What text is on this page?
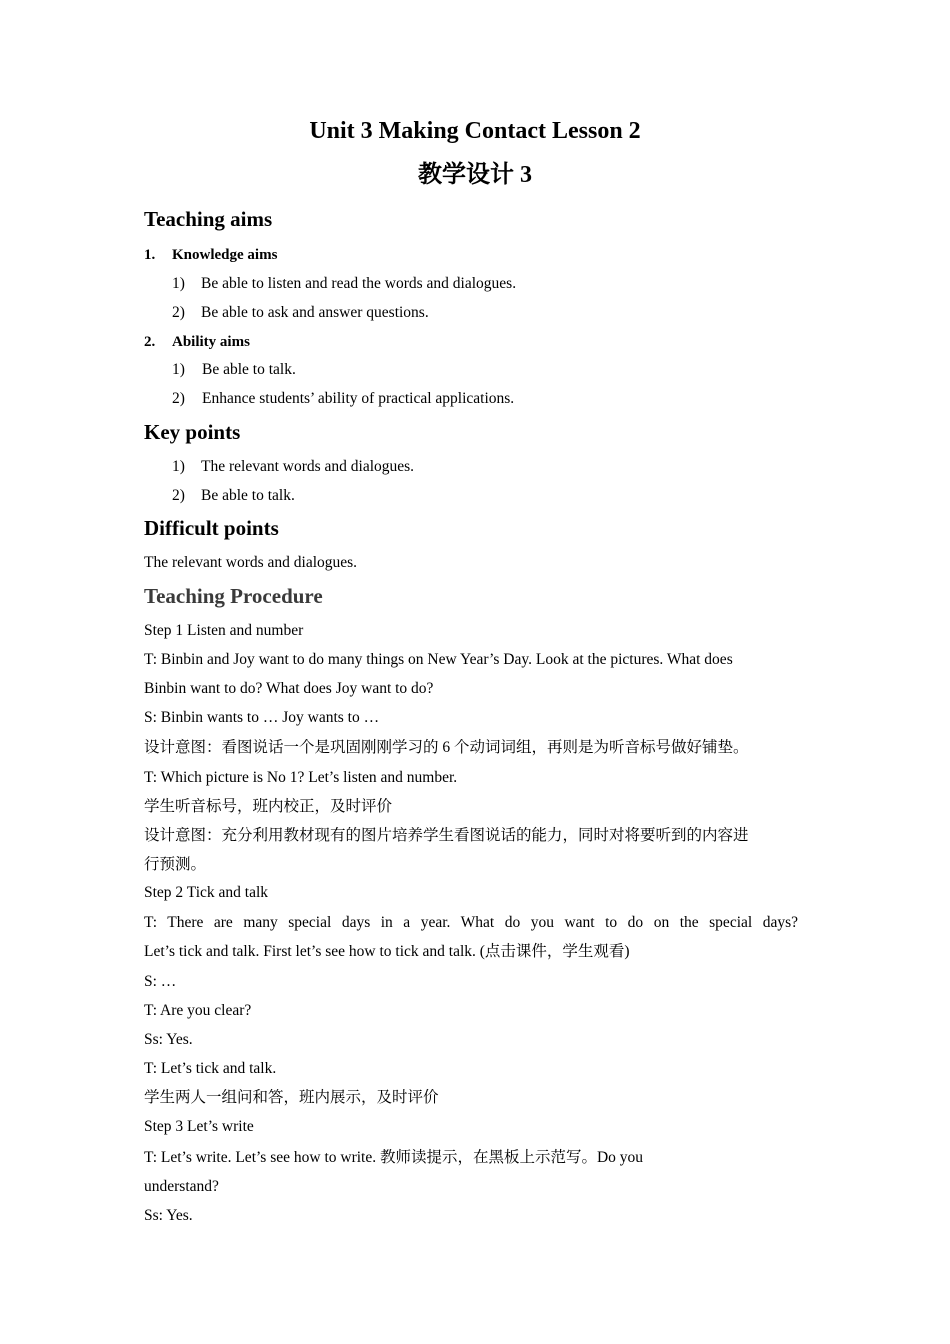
Unit 3 Making Contact Lesson 2
教学设计 3
Teaching aims
1. Knowledge aims
1) Be able to listen and read the words and dialogues.
2) Be able to ask and answer questions.
2. Ability aims
1) Be able to talk.
2) Enhance students’ ability of practical applications.
Key points
1) The relevant words and dialogues.
2) Be able to talk.
Difficult points
The relevant words and dialogues.
Teaching Procedure
Step 1 Listen and number
T: Binbin and Joy want to do many things on New Year’s Day. Look at the pictures. What does
Binbin want to do? What does Joy want to do?
S: Binbin wants to … Joy wants to …
设计意图：看图说话一个是巩固刚刚学习的 6 个动词词组，再则是为听音标号做好铺垫。
T: Which picture is No 1? Let’s listen and number.
学生听音标号，班内校正，及时评价
设计意图：充分利用教材现有的图片培养学生看图说话的能力，同时对将要听到的内容进
行预测。
Step 2 Tick and talk
T: There are many special days in a year. What do you want to do on the special days?
Let’s tick and talk. First let’s see how to tick and talk. (点击课件，学生观看)
S: …
T: Are you clear?
Ss: Yes.
T: Let’s tick and talk.
学生两人一组问和答，班内展示，及时评价
Step 3 Let’s write
T: Let’s write. Let’s see how to write. 教师读提示，在黑板上示范写。Do you
understand?
Ss: Yes.
